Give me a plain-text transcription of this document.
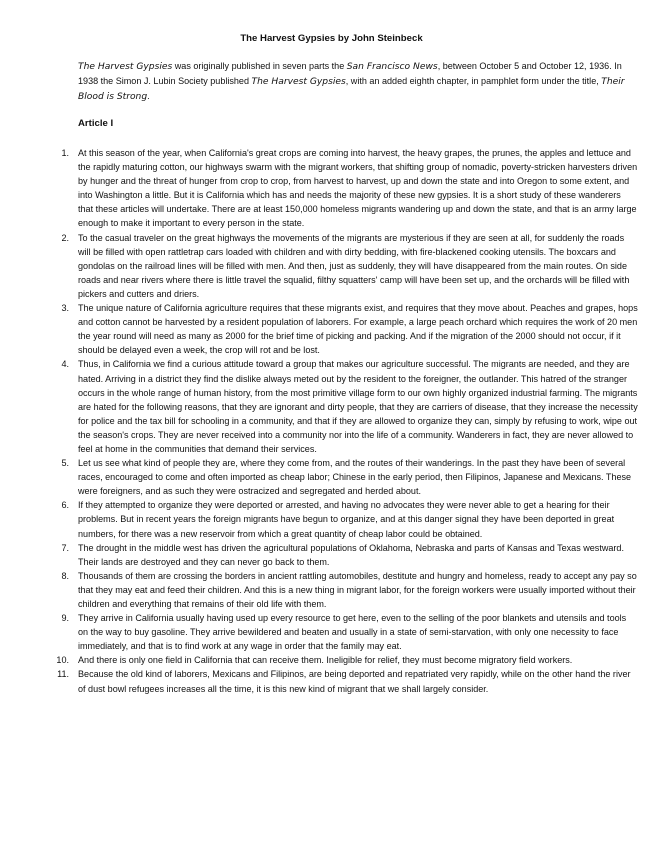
The Harvest Gypsies by John Steinbeck

The Harvest Gypsies was originally published in seven parts the San Francisco News, between October 5 and October 12, 1936. In 1938 the Simon J. Lubin Society published The Harvest Gypsies, with an added eighth chapter, in pamphlet form under the title, Their Blood is Strong.

Article I
1. At this season of the year, when California's great crops are coming into harvest, the heavy grapes, the prunes, the apples and lettuce and the rapidly maturing cotton, our highways swarm with the migrant workers, that shifting group of nomadic, poverty-stricken harvesters driven by hunger and the threat of hunger from crop to crop, from harvest to harvest, up and down the state and into Oregon to some extent, and into Washington a little. But it is California which has and needs the majority of these new gypsies. It is a short study of these wanderers that these articles will undertake. There are at least 150,000 homeless migrants wandering up and down the state, and that is an army large enough to make it important to every person in the state.
2. To the casual traveler on the great highways the movements of the migrants are mysterious if they are seen at all, for suddenly the roads will be filled with open rattletrap cars loaded with children and with dirty bedding, with fire-blackened cooking utensils. The boxcars and gondolas on the railroad lines will be filled with men. And then, just as suddenly, they will have disappeared from the main routes. On side roads and near rivers where there is little travel the squalid, filthy squatters' camp will have been set up, and the orchards will be filled with pickers and cutters and driers.
3. The unique nature of California agriculture requires that these migrants exist, and requires that they move about. Peaches and grapes, hops and cotton cannot be harvested by a resident population of laborers. For example, a large peach orchard which requires the work of 20 men the year round will need as many as 2000 for the brief time of picking and packing. And if the migration of the 2000 should not occur, if it should be delayed even a week, the crop will rot and be lost.
4. Thus, in California we find a curious attitude toward a group that makes our agriculture successful. The migrants are needed, and they are hated. Arriving in a district they find the dislike always meted out by the resident to the foreigner, the outlander. This hatred of the stranger occurs in the whole range of human history, from the most primitive village form to our own highly organized industrial farming. The migrants are hated for the following reasons, that they are ignorant and dirty people, that they are carriers of disease, that they increase the necessity for police and the tax bill for schooling in a community, and that if they are allowed to organize they can, simply by refusing to work, wipe out the season's crops. They are never received into a community nor into the life of a community. Wanderers in fact, they are never allowed to feel at home in the communities that demand their services.
5. Let us see what kind of people they are, where they come from, and the routes of their wanderings. In the past they have been of several races, encouraged to come and often imported as cheap labor; Chinese in the early period, then Filipinos, Japanese and Mexicans. These were foreigners, and as such they were ostracized and segregated and herded about.
6. If they attempted to organize they were deported or arrested, and having no advocates they were never able to get a hearing for their problems. But in recent years the foreign migrants have begun to organize, and at this danger signal they have been deported in great numbers, for there was a new reservoir from which a great quantity of cheap labor could be obtained.
7. The drought in the middle west has driven the agricultural populations of Oklahoma, Nebraska and parts of Kansas and Texas westward. Their lands are destroyed and they can never go back to them.
8. Thousands of them are crossing the borders in ancient rattling automobiles, destitute and hungry and homeless, ready to accept any pay so that they may eat and feed their children. And this is a new thing in migrant labor, for the foreign workers were usually imported without their children and everything that remains of their old life with them.
9. They arrive in California usually having used up every resource to get here, even to the selling of the poor blankets and utensils and tools on the way to buy gasoline. They arrive bewildered and beaten and usually in a state of semi-starvation, with only one necessity to face immediately, and that is to find work at any wage in order that the family may eat.
10. And there is only one field in California that can receive them. Ineligible for relief, they must become migratory field workers.
11. Because the old kind of laborers, Mexicans and Filipinos, are being deported and repatriated very rapidly, while on the other hand the river of dust bowl refugees increases all the time, it is this new kind of migrant that we shall largely consider.
